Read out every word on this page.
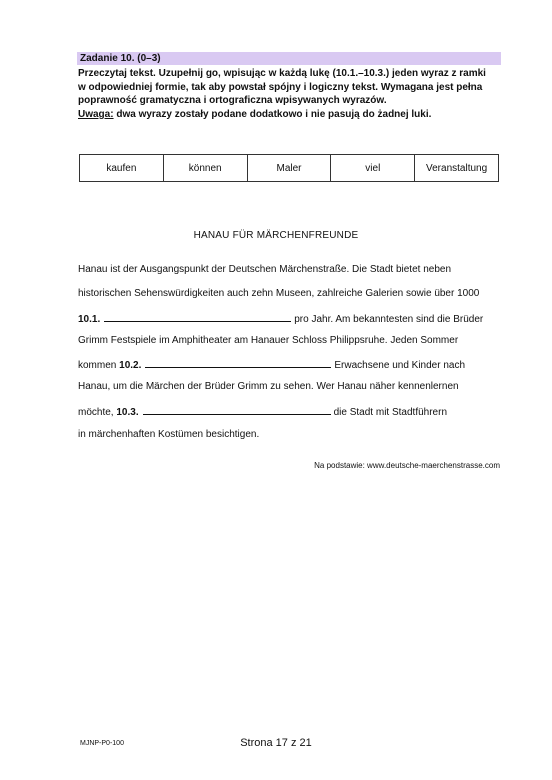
Zadanie 10. (0–3)
Przeczytaj tekst. Uzupełnij go, wpisując w każdą lukę (10.1.–10.3.) jeden wyraz z ramki
w odpowiedniej formie, tak aby powstał spójny i logiczny tekst. Wymagana jest pełna
poprawność gramatyczna i ortograficzna wpisywanych wyrazów.
Uwaga: dwa wyrazy zostały podane dodatkowo i nie pasują do żadnej luki.
kaufen	können	Maler	viel	Veranstaltung
HANAU FÜR MÄRCHENFREUNDE
Hanau ist der Ausgangspunkt der Deutschen Märchenstraße. Die Stadt bietet neben
historischen Sehenswürdigkeiten auch zehn Museen, zahlreiche Galerien sowie über 1000
10.1.	pro Jahr. Am bekanntesten sind die Brüder
Grimm Festspiele im Amphitheater am Hanauer Schloss Philippsruhe. Jeden Sommer
kommen 10.2.	Erwachsene und Kinder nach
Hanau, um die Märchen der Brüder Grimm zu sehen. Wer Hanau näher kennenlernen
möchte, 10.3.	die Stadt mit Stadtführern
in märchenhaften Kostümen besichtigen.
Na podstawie: www.deutsche-maerchenstrasse.com
MJNP-P0-100	Strona 17 z 21
